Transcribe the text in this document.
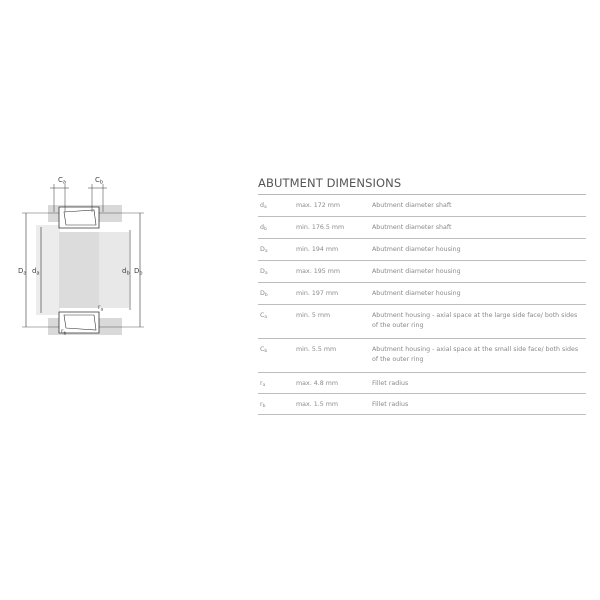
$C_a$	$C_b$
$D_a$ $d_a$	$d_b$ $D_b$
$r_a$
$r_b$
ABUTMENT DIMENSIONS
$d_a$	max. 172 mm	Abutment diameter shaft
$d_b$	min. 176.5 mm	Abutment diameter shaft
$D_a$	min. 194 mm	Abutment diameter housing
$D_a$	max. 195 mm	Abutment diameter housing
$D_b$	min. 197 mm	Abutment diameter housing
$C_a$	min. 5 mm	Abutment housing - axial space at the large side face/ both sides of the outer ring
$C_b$	min. 5.5 mm	Abutment housing - axial space at the small side face/ both sides of the outer ring
$r_a$	max. 4.8 mm	Fillet radius
$r_b$	max. 1.5 mm	Fillet radius
